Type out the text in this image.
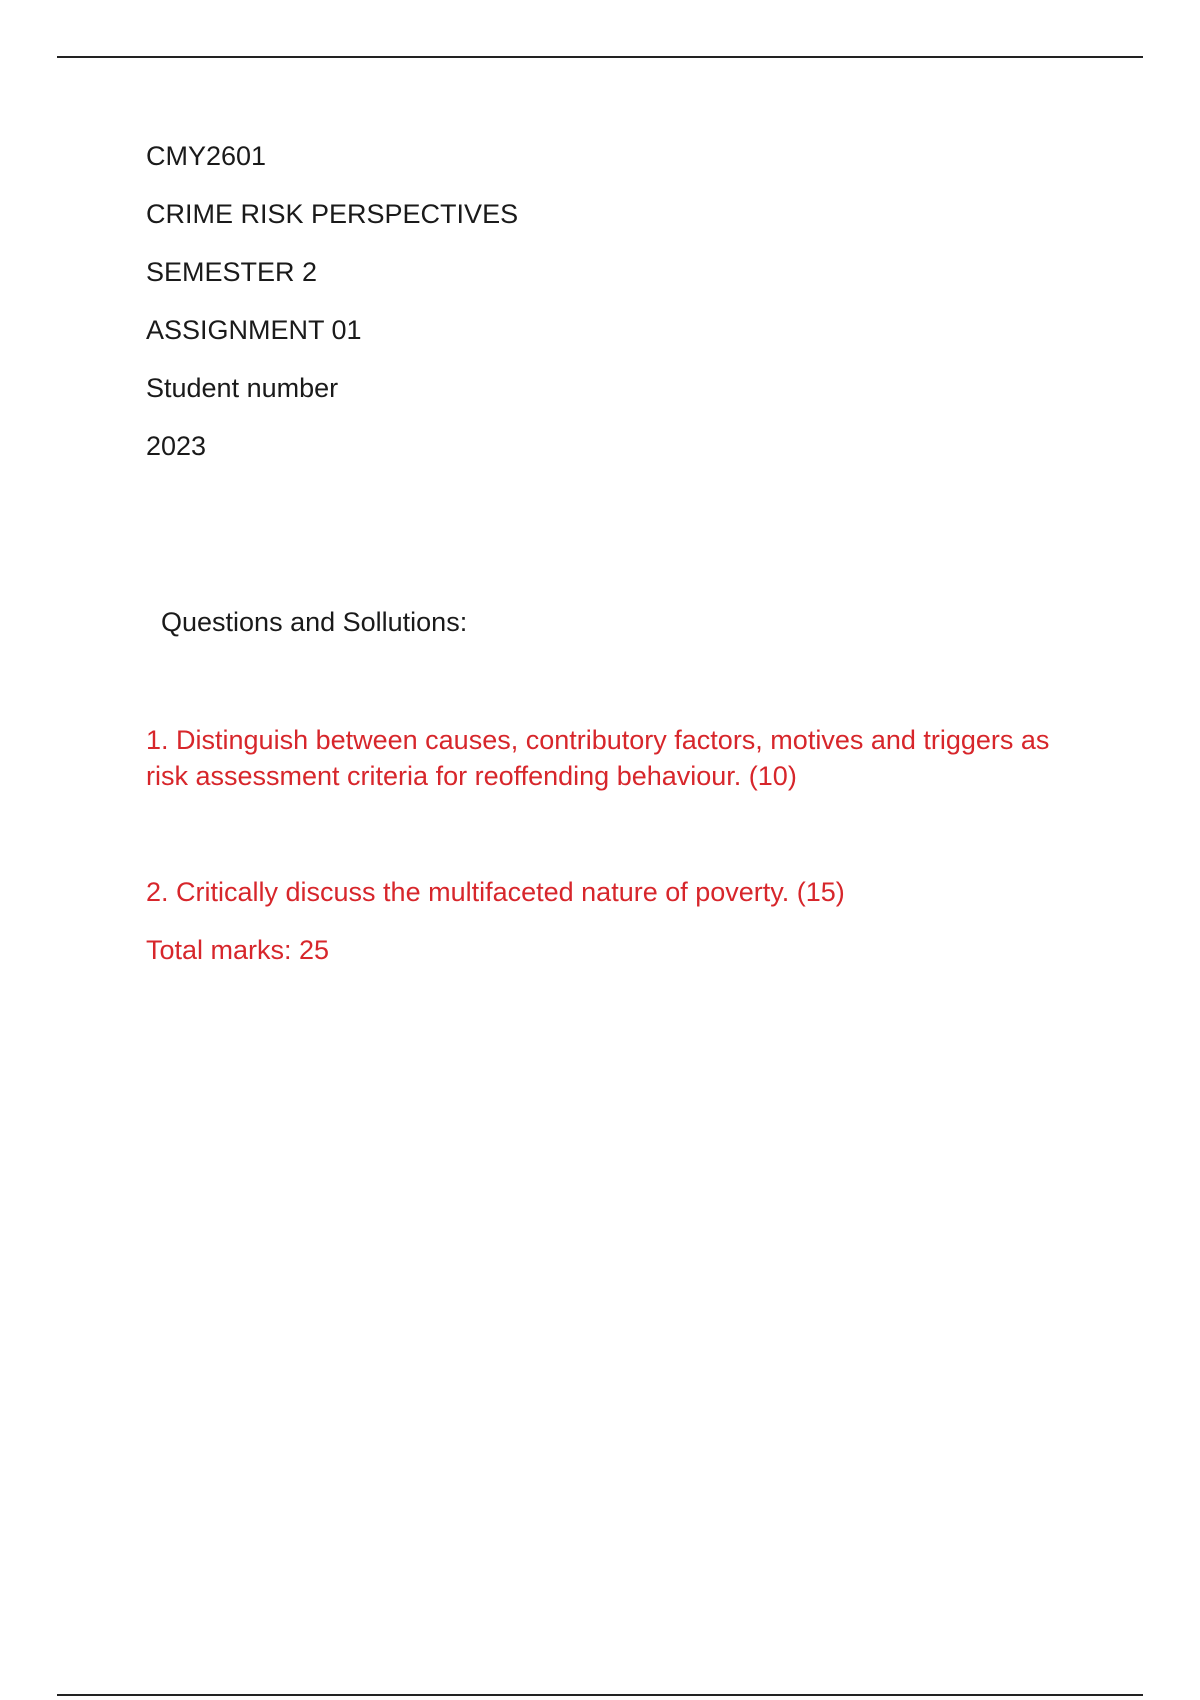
CMY2601
CRIME RISK PERSPECTIVES
SEMESTER 2
ASSIGNMENT 01
Student number
2023
Questions and Sollutions:

1. Distinguish between causes, contributory factors, motives and triggers as risk assessment criteria for reoffending behaviour. (10)

2. Critically discuss the multifaceted nature of poverty. (15)

Total marks: 25
